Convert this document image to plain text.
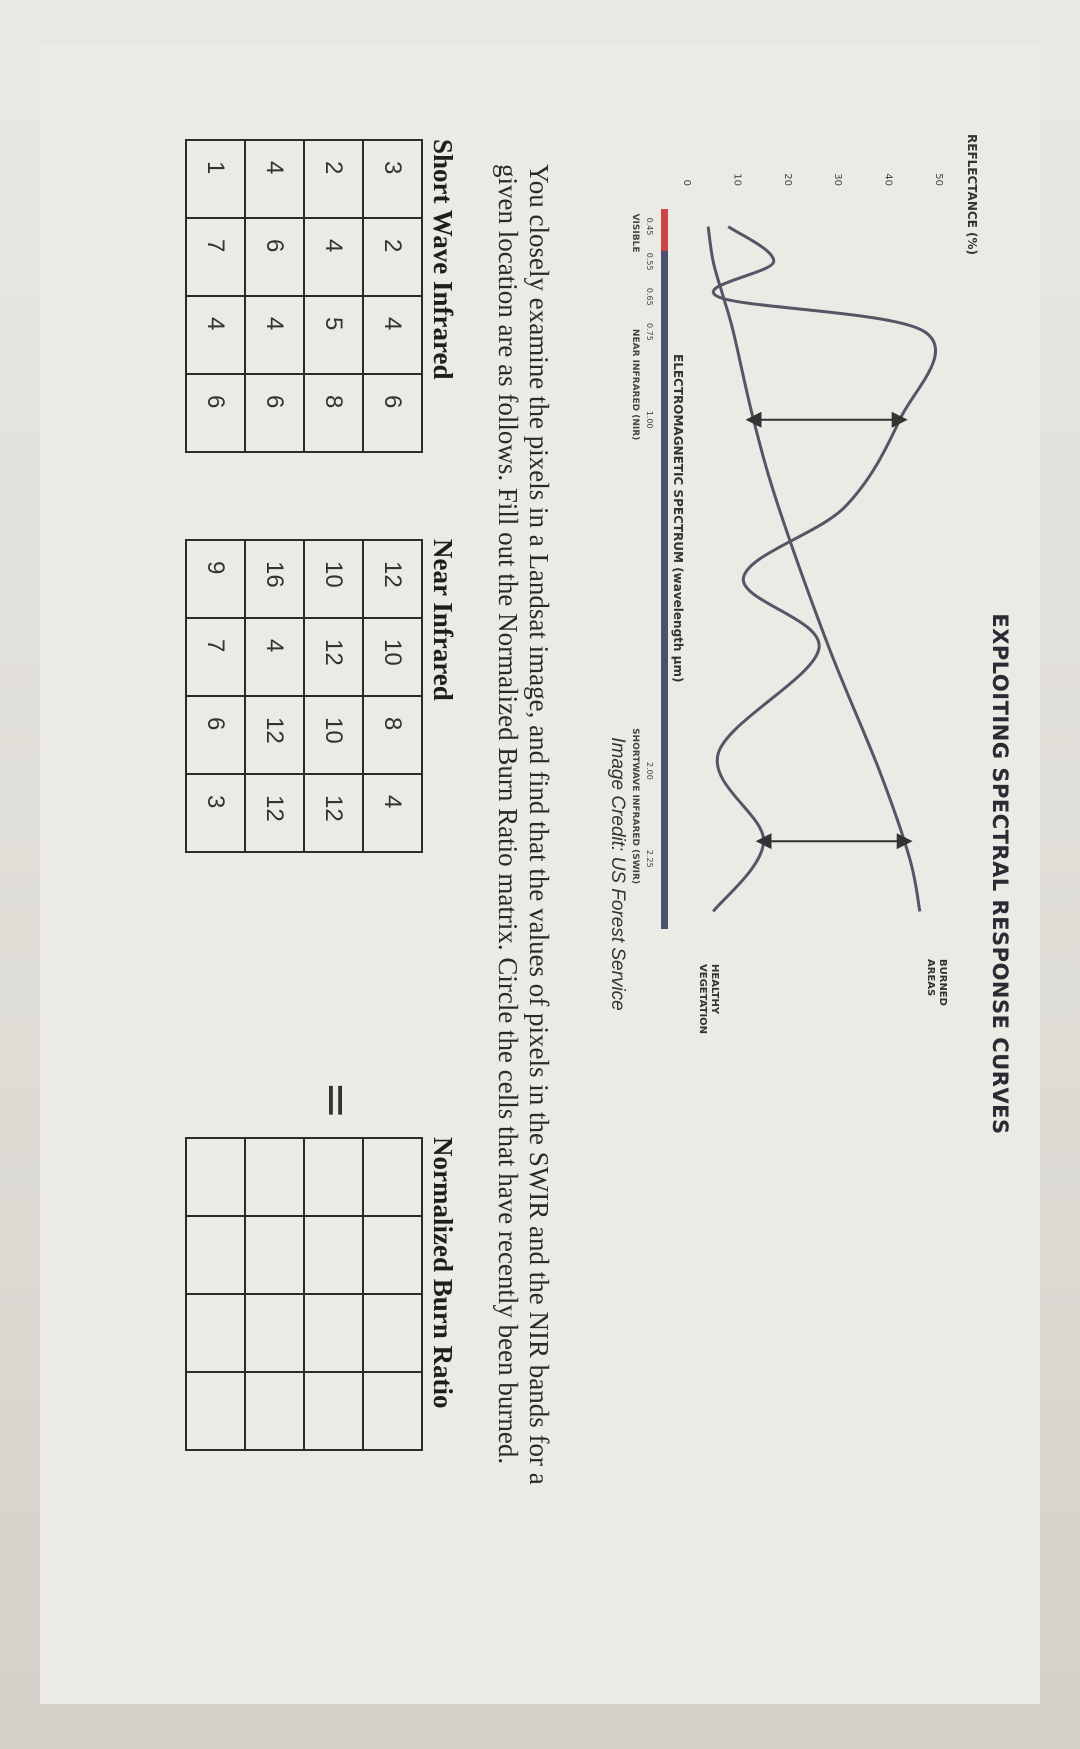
EXPLOITING SPECTRAL RESPONSE CURVES
50
40
30
20
10
0	REFLECTANCE (%)
HEALTHY
VEGETATION	BURNED
AREAS
0.45
0.55
0.65
0.75
1.00
2.00
2.25
VISIBLE
NEAR INFRARED (NIR)
SHORTWAVE INFRARED (SWIR)
ELECTROMAGNETIC SPECTRUM (wavelength µm)
Image Credit: US Forest Service
You closely examine the pixels in a Landsat image, and find that the values of pixels in the SWIR and the NIR bands for a given location are as follows. Fill out the Normalized Burn Ratio matrix. Circle the cells that have recently been burned.
Short Wave Infrared
3	2	4	6
2	4	5	8
4	6	4	6
1	7	4	6
Near Infrared
12	10	8	4
10	12	10	12
16	4	12	12
9	7	6	3
=
Normalized Burn Ratio
